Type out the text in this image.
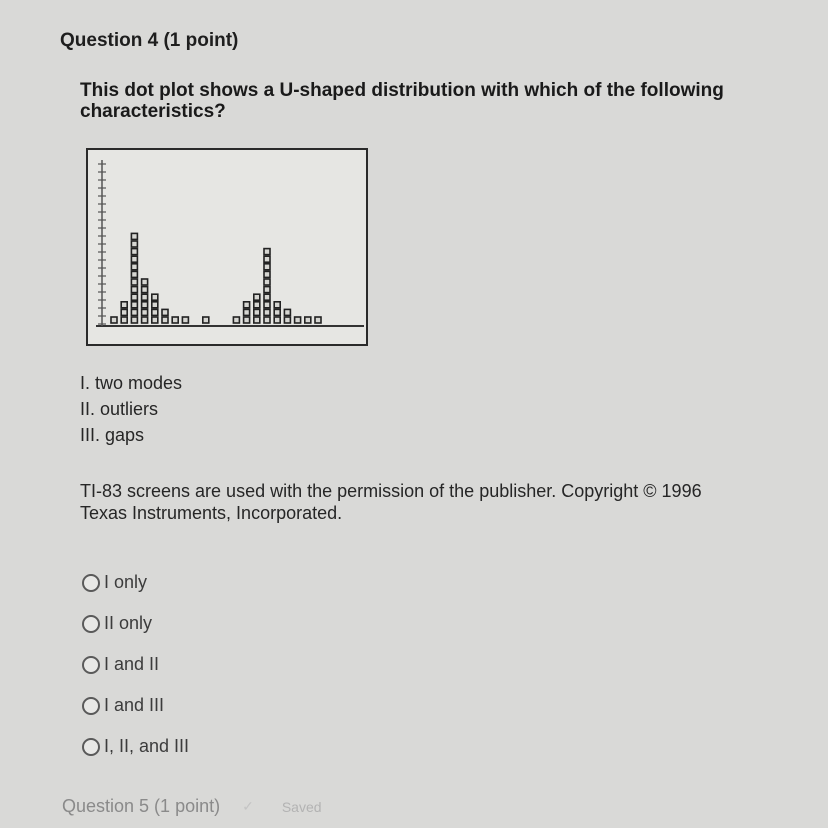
Question 4 (1 point)
This dot plot shows a U-shaped distribution with which of the following characteristics?
I. two modes
II. outliers
III. gaps
TI-83 screens are used with the permission of the publisher. Copyright © 1996
Texas Instruments, Incorporated.
I only
II only
I and II
I and III
I, II, and III
Question 5 (1 point) ✓ Saved
